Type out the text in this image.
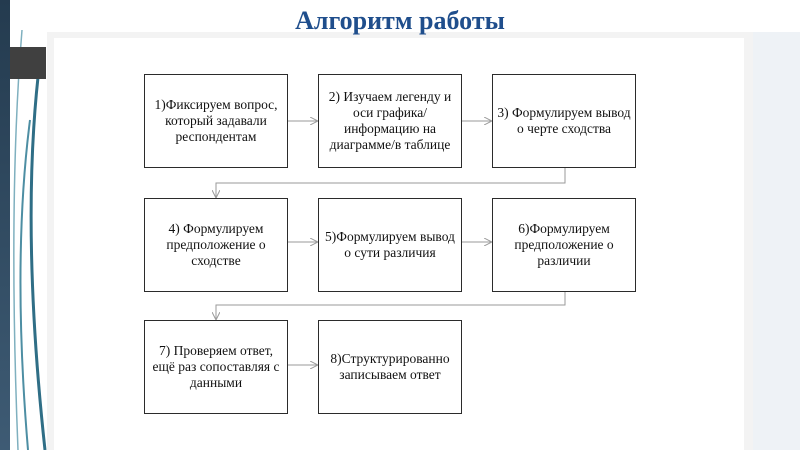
Алгоритм работы
1)Фиксируем вопрос, который задавали респондентам
2) Изучаем легенду и оси графика/информацию на диаграмме/в таблице
3) Формулируем вывод о черте сходства
4) Формулируем предположение о сходстве
5)Формулируем вывод о сути различия
6)Формулируем предположение о различии
7) Проверяем ответ, ещё раз сопоставляя с данными
8)Структурированно записываем ответ
